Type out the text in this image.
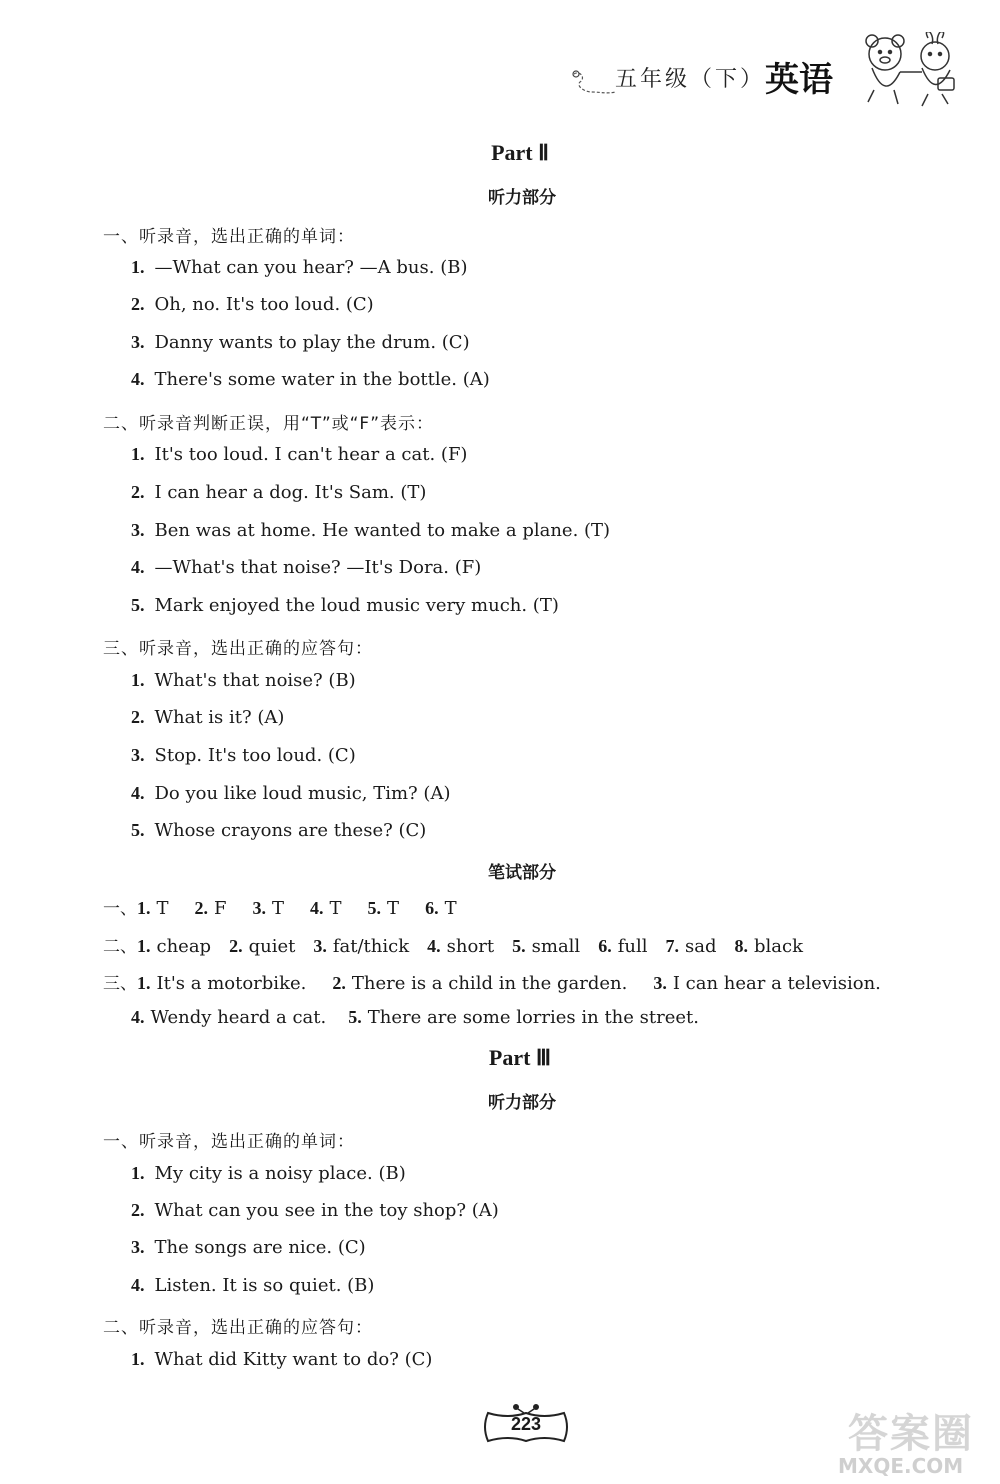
五年级（下） 英语
Part Ⅱ
听力部分
一、听录音，选出正确的单词：
1. —What can you hear? —A bus. (B)
2. Oh, no. It's too loud. (C)
3. Danny wants to play the drum. (C)
4. There's some water in the bottle. (A)
二、听录音判断正误，用“T”或“F”表示：
1. It's too loud. I can't hear a cat. (F)
2. I can hear a dog. It's Sam. (T)
3. Ben was at home. He wanted to make a plane. (T)
4. —What's that noise? —It's Dora. (F)
5. Mark enjoyed the loud music very much. (T)
三、听录音，选出正确的应答句：
1. What's that noise? (B)
2. What is it? (A)
3. Stop. It's too loud. (C)
4. Do you like loud music, Tim? (A)
5. Whose crayons are these? (C)
笔试部分
一、1. T 2. F 3. T 4. T 5. T 6. T
二、1. cheap 2. quiet 3. fat/thick 4. short 5. small 6. full 7. sad 8. black
三、1. It's a motorbike. 2. There is a child in the garden. 3. I can hear a television.
4. Wendy heard a cat. 5. There are some lorries in the street.
Part Ⅲ
听力部分
一、听录音，选出正确的单词：
1. My city is a noisy place. (B)
2. What can you see in the toy shop? (A)
3. The songs are nice. (C)
4. Listen. It is so quiet. (B)
二、听录音，选出正确的应答句：
1. What did Kitty want to do? (C)
223	答案圈
MXQE.COM
